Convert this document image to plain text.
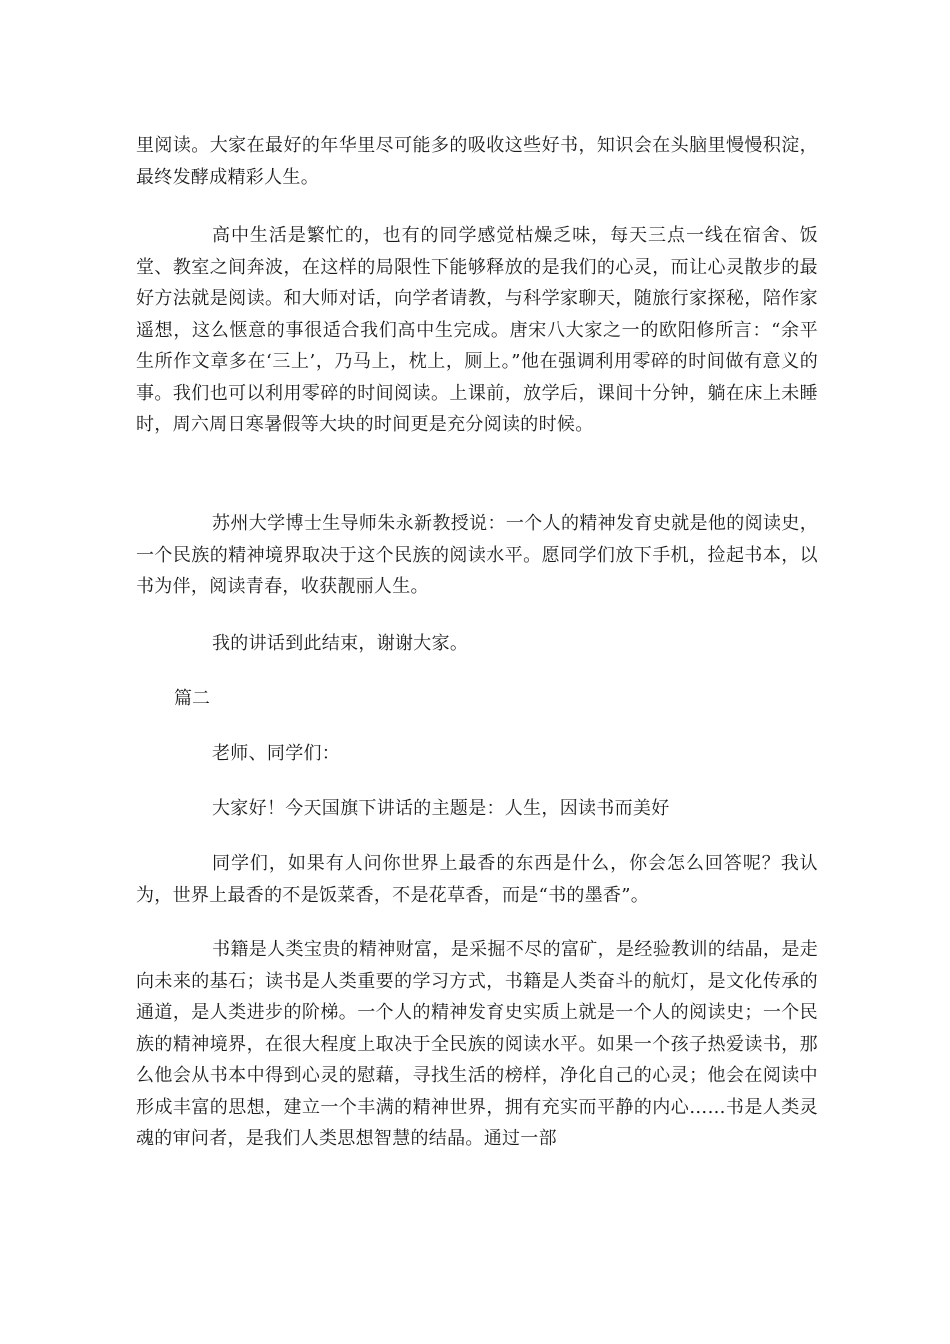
里阅读。大家在最好的年华里尽可能多的吸收这些好书，知识会在头脑里慢慢积淀，最终发酵成精彩人生。

高中生活是繁忙的，也有的同学感觉枯燥乏味，每天三点一线在宿舍、饭堂、教室之间奔波，在这样的局限性下能够释放的是我们的心灵，而让心灵散步的最好方法就是阅读。和大师对话，向学者请教，与科学家聊天，随旅行家探秘，陪作家遥想，这么惬意的事很适合我们高中生完成。唐宋八大家之一的欧阳修所言：“余平生所作文章多在‘三上’，乃马上，枕上，厕上。”他在强调利用零碎的时间做有意义的事。我们也可以利用零碎的时间阅读。上课前，放学后，课间十分钟，躺在床上未睡时，周六周日寒暑假等大块的时间更是充分阅读的时候。

苏州大学博士生导师朱永新教授说：一个人的精神发育史就是他的阅读史，一个民族的精神境界取决于这个民族的阅读水平。愿同学们放下手机，捡起书本，以书为伴，阅读青春，收获靓丽人生。

我的讲话到此结束，谢谢大家。

篇二

老师、同学们：

大家好！今天国旗下讲话的主题是：人生，因读书而美好

同学们，如果有人问你世界上最香的东西是什么，你会怎么回答呢？我认为，世界上最香的不是饭菜香，不是花草香，而是“书的墨香”。

书籍是人类宝贵的精神财富，是采掘不尽的富矿，是经验教训的结晶，是走向未来的基石；读书是人类重要的学习方式，书籍是人类奋斗的航灯，是文化传承的通道，是人类进步的阶梯。一个人的精神发育史实质上就是一个人的阅读史；一个民族的精神境界，在很大程度上取决于全民族的阅读水平。如果一个孩子热爱读书，那么他会从书本中得到心灵的慰藉，寻找生活的榜样，净化自己的心灵；他会在阅读中形成丰富的思想，建立一个丰满的精神世界，拥有充实而平静的内心……书是人类灵魂的审问者，是我们人类思想智慧的结晶。通过一部
